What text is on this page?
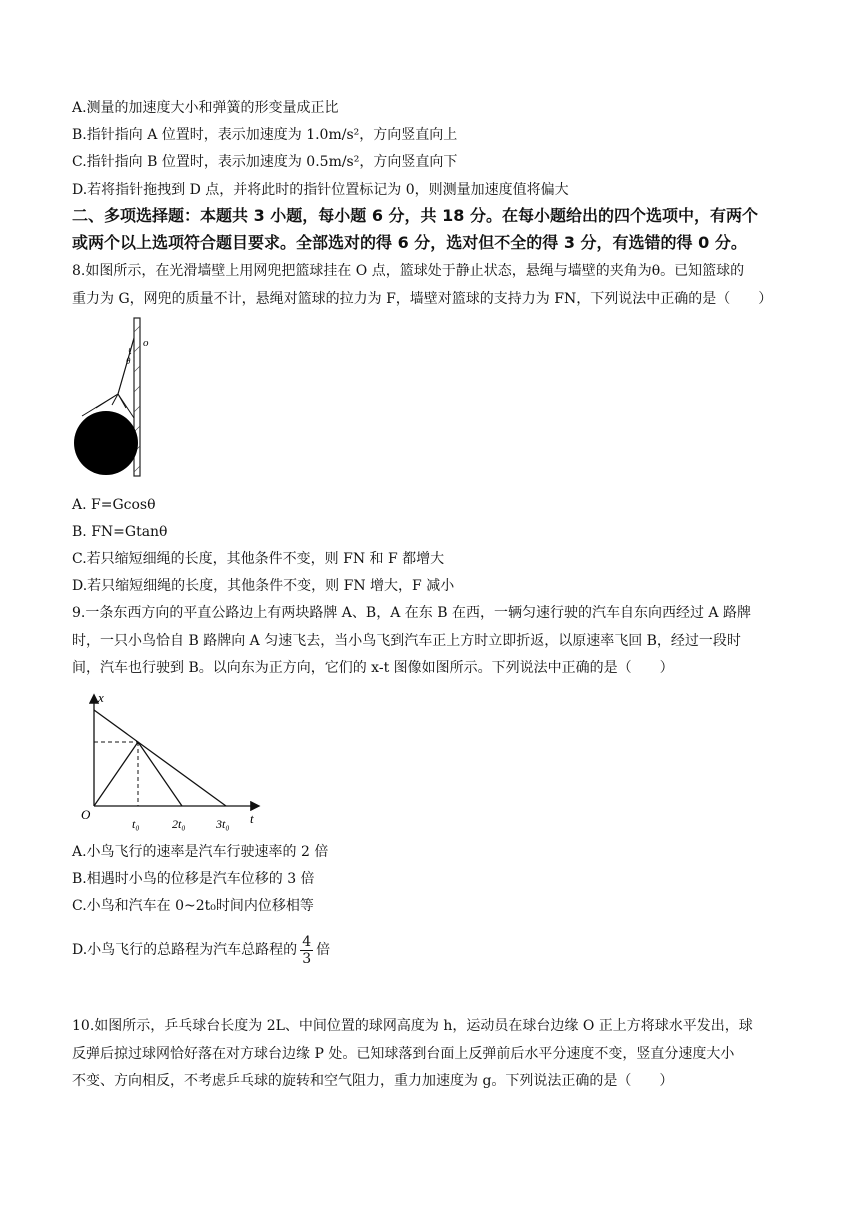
A.测量的加速度大小和弹簧的形变量成正比
B.指针指向 A 位置时，表示加速度为 1.0m/s²，方向竖直向上
C.指针指向 B 位置时，表示加速度为 0.5m/s²，方向竖直向下
D.若将指针拖拽到 D 点，并将此时的指针位置标记为 0，则测量加速度值将偏大
二、多项选择题：本题共 3 小题，每小题 6 分，共 18 分。在每小题给出的四个选项中，有两个
或两个以上选项符合题目要求。全部选对的得 6 分，选对但不全的得 3 分，有选错的得 0 分。
8.如图所示，在光滑墙壁上用网兜把篮球挂在 O 点，篮球处于静止状态，悬绳与墙壁的夹角为θ。已知篮球的
重力为 G，网兜的质量不计，悬绳对篮球的拉力为 F，墙壁对篮球的支持力为 FN，下列说法中正确的是（　　）
o
θ
A. F=Gcosθ
B. FN=Gtanθ
C.若只缩短细绳的长度，其他条件不变，则 FN 和 F 都增大
D.若只缩短细绳的长度，其他条件不变，则 FN 增大，F 减小
9.一条东西方向的平直公路边上有两块路牌 A、B，A 在东 B 在西，一辆匀速行驶的汽车自东向西经过 A 路牌
时，一只小鸟恰自 B 路牌向 A 匀速飞去，当小鸟飞到汽车正上方时立即折返，以原速率飞回 B，经过一段时
间，汽车也行驶到 B。以向东为正方向，它们的 x-t 图像如图所示。下列说法中正确的是（　　）
x
t
O
t₀	2t₀	3t₀
A.小鸟飞行的速率是汽车行驶速率的 2 倍
B.相遇时小鸟的位移是汽车位移的 3 倍
C.小鸟和汽车在 0~2t₀时间内位移相等
D.小鸟飞行的总路程为汽车总路程的 $\frac{4}{3}$ 倍
10.如图所示，乒乓球台长度为 2L、中间位置的球网高度为 h，运动员在球台边缘 O 正上方将球水平发出，球
反弹后掠过球网恰好落在对方球台边缘 P 处。已知球落到台面上反弹前后水平分速度不变，竖直分速度大小
不变、方向相反，不考虑乒乓球的旋转和空气阻力，重力加速度为 g。下列说法正确的是（　　）
